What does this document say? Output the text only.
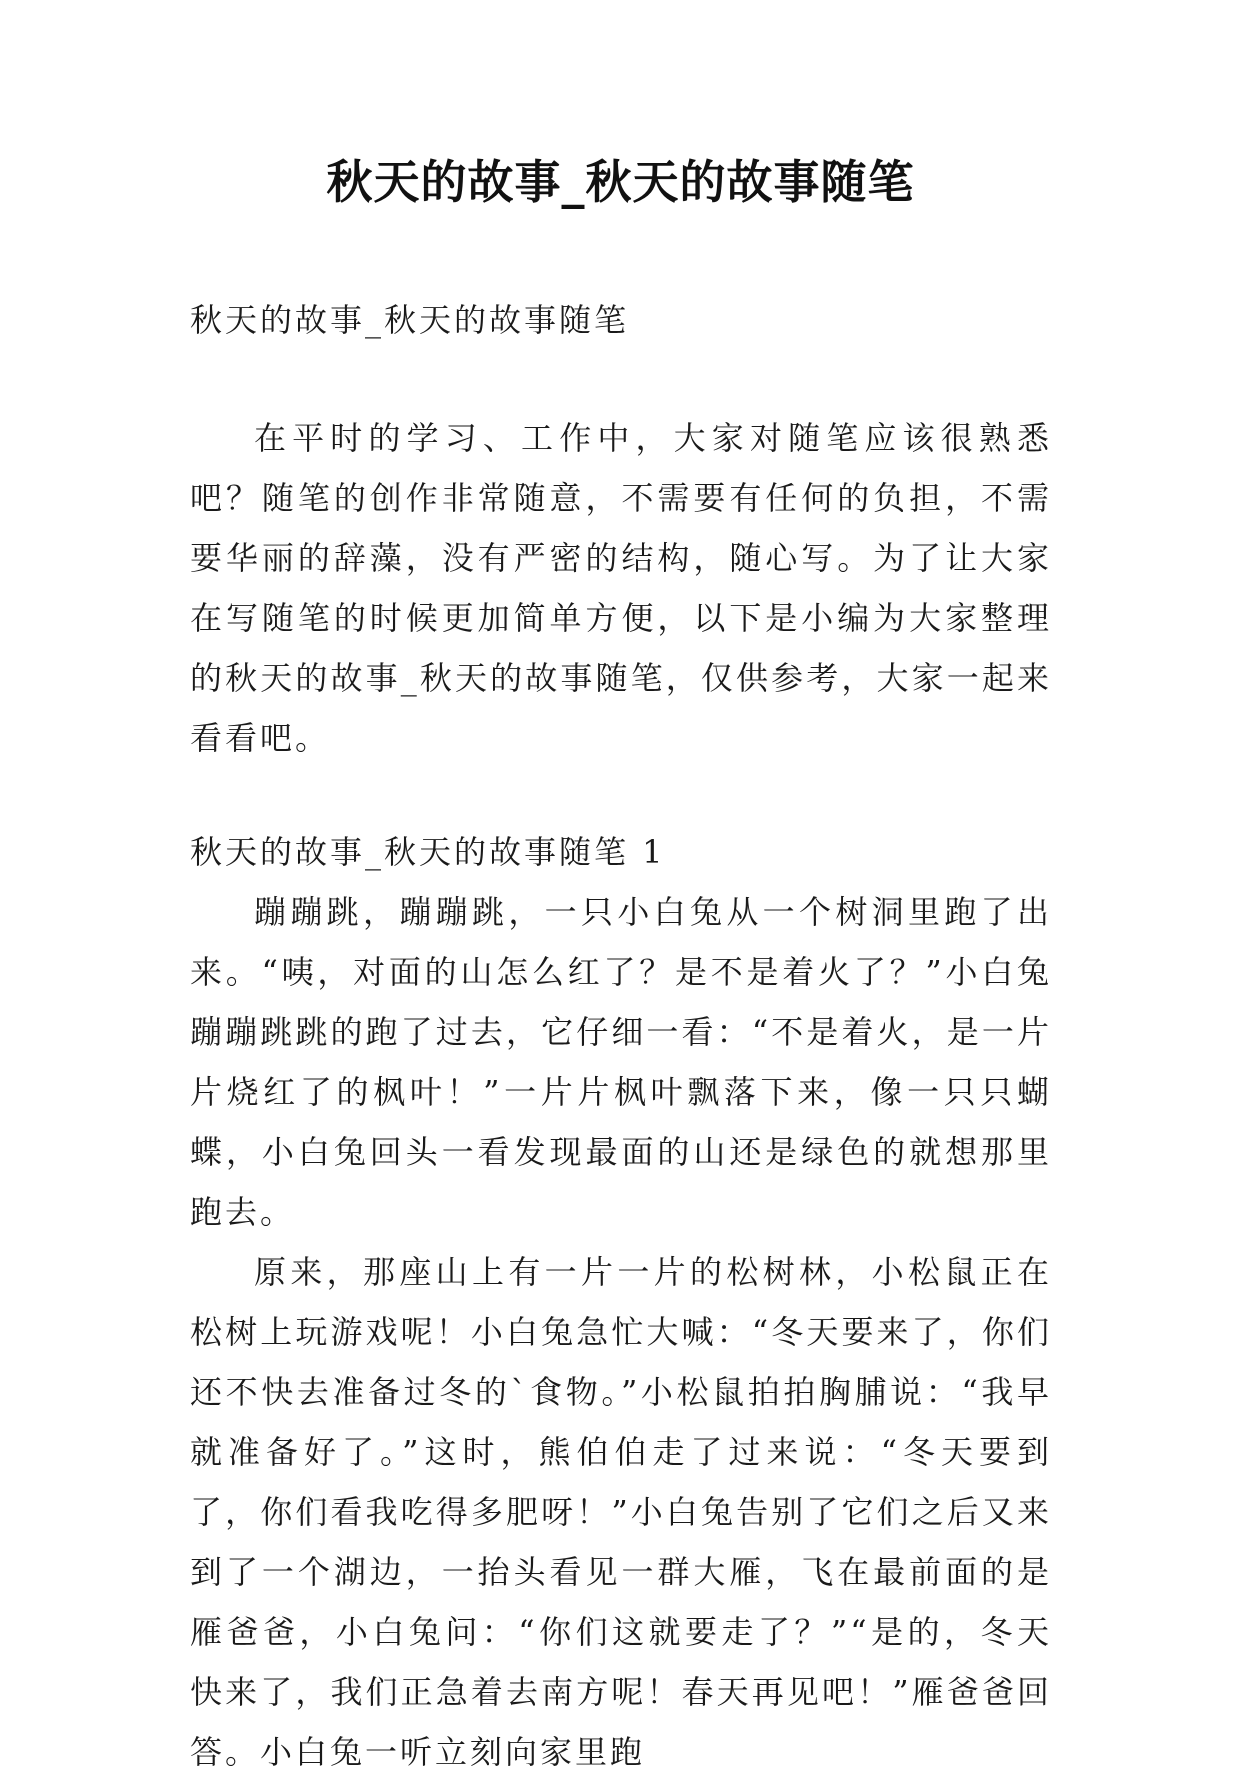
秋天的故事_秋天的故事随笔

秋天的故事_秋天的故事随笔

在平时的学习、工作中，大家对随笔应该很熟悉吧？随笔的创作非常随意，不需要有任何的负担，不需要华丽的辞藻，没有严密的结构，随心写。为了让大家在写随笔的时候更加简单方便，以下是小编为大家整理的秋天的故事_秋天的故事随笔，仅供参考，大家一起来看看吧。

秋天的故事_秋天的故事随笔 1

蹦蹦跳，蹦蹦跳，一只小白兔从一个树洞里跑了出来。“咦，对面的山怎么红了？是不是着火了？”小白兔蹦蹦跳跳的跑了过去，它仔细一看：“不是着火，是一片片烧红了的枫叶！”一片片枫叶飘落下来，像一只只蝴蝶，小白兔回头一看发现最面的山还是绿色的就想那里跑去。

原来，那座山上有一片一片的松树林，小松鼠正在松树上玩游戏呢！小白兔急忙大喊：“冬天要来了，你们还不快去准备过冬的`食物。”小松鼠拍拍胸脯说：“我早就准备好了。”这时，熊伯伯走了过来说：“冬天要到了，你们看我吃得多肥呀！”小白兔告别了它们之后又来到了一个湖边，一抬头看见一群大雁，飞在最前面的是雁爸爸，小白兔问：“你们这就要走了？”“是的，冬天快来了，我们正急着去南方呢！春天再见吧！”雁爸爸回答。小白兔一听立刻向家里跑
